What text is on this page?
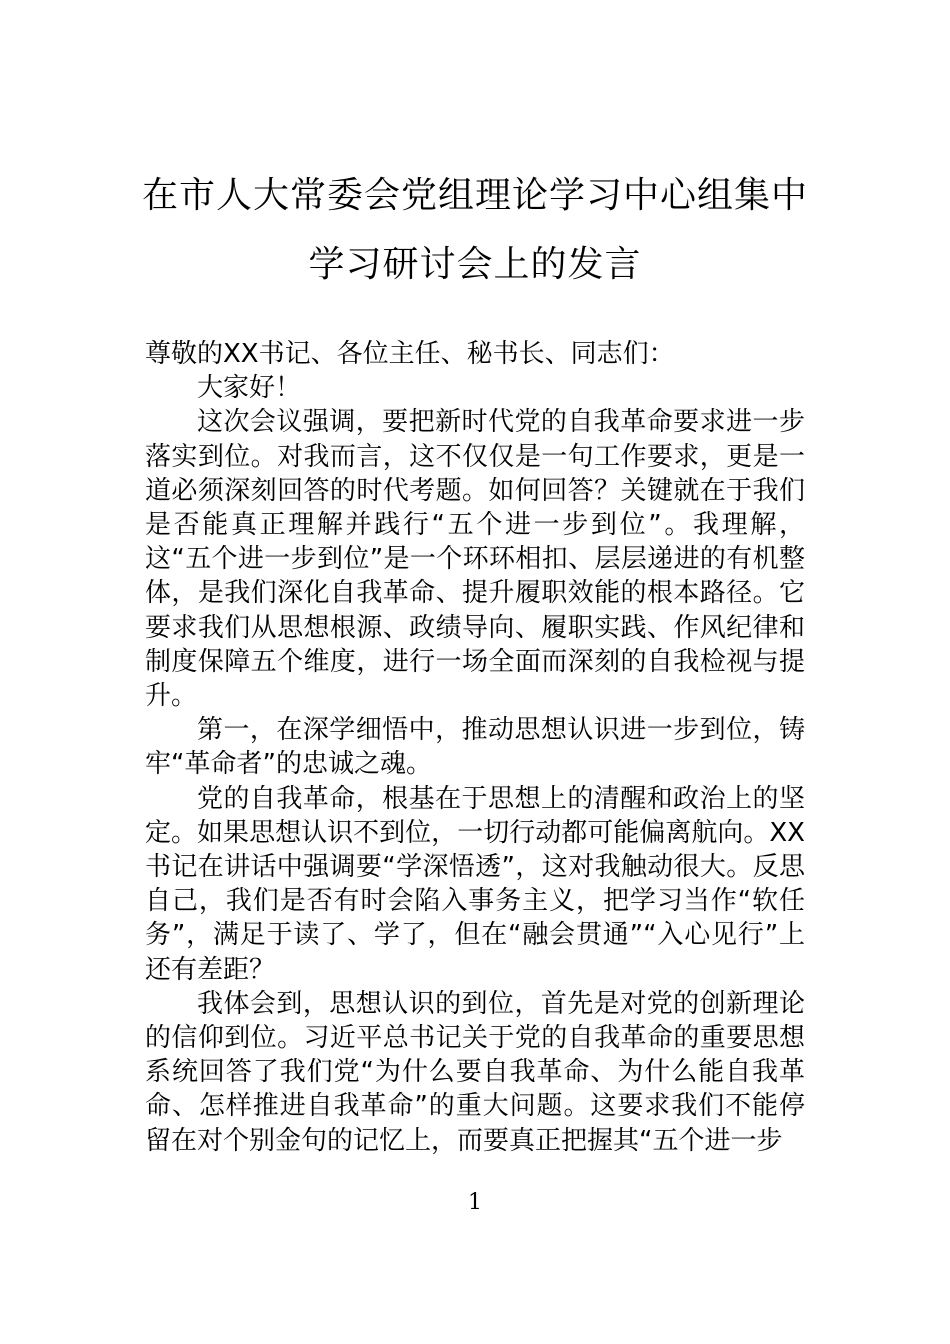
在市人大常委会党组理论学习中心组集中
学习研讨会上的发言

尊敬的XX书记、各位主任、秘书长、同志们：

大家好！

这次会议强调，要把新时代党的自我革命要求进一步落实到位。对我而言，这不仅仅是一句工作要求，更是一道必须深刻回答的时代考题。如何回答？关键就在于我们是否能真正理解并践行“五个进一步到位”。我理解，这“五个进一步到位”是一个环环相扣、层层递进的有机整体，是我们深化自我革命、提升履职效能的根本路径。它要求我们从思想根源、政绩导向、履职实践、作风纪律和制度保障五个维度，进行一场全面而深刻的自我检视与提升。

第一，在深学细悟中，推动思想认识进一步到位，铸牢“革命者”的忠诚之魂。

党的自我革命，根基在于思想上的清醒和政治上的坚定。如果思想认识不到位，一切行动都可能偏离航向。XX书记在讲话中强调要“学深悟透”，这对我触动很大。反思自己，我们是否有时会陷入事务主义，把学习当作“软任务”，满足于读了、学了，但在“融会贯通”“入心见行”上还有差距？

我体会到，思想认识的到位，首先是对党的创新理论的信仰到位。习近平总书记关于党的自我革命的重要思想系统回答了我们党“为什么要自我革命、为什么能自我革命、怎样推进自我革命”的重大问题。这要求我们不能停留在对个别金句的记忆上，而要真正把握其“五个进一步

1
